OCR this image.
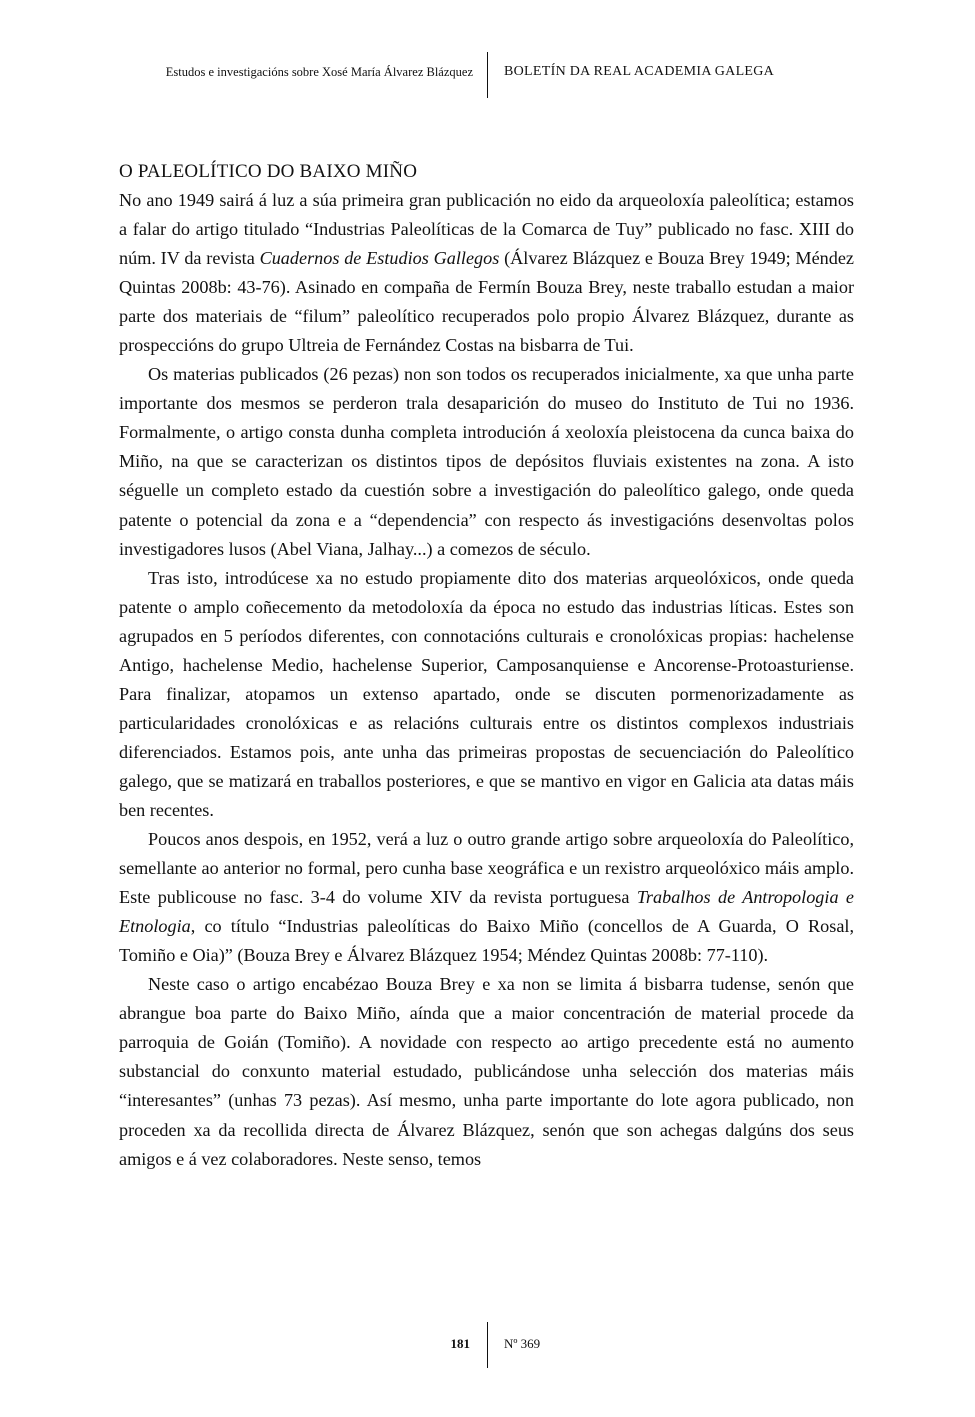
Estudos e investigacións sobre Xosé María Álvarez Blázquez BOLETÍN DA REAL ACADEMIA GALEGA
O PALEOLÍTICO DO BAIXO MIÑO

No ano 1949 sairá á luz a súa primeira gran publicación no eido da arqueoloxía paleolítica; estamos a falar do artigo titulado “Industrias Paleolíticas de la Comarca de Tuy” publicado no fasc. XIII do núm. IV da revista Cuadernos de Estudios Gallegos (Álvarez Blázquez e Bouza Brey 1949; Méndez Quintas 2008b: 43-76). Asinado en compaña de Fermín Bouza Brey, neste traballo estudan a maior parte dos materiais de “filum” paleolítico recuperados polo propio Álvarez Blázquez, durante as prospeccións do grupo Ultreia de Fernández Costas na bisbarra de Tui.

Os materias publicados (26 pezas) non son todos os recuperados inicialmente, xa que unha parte importante dos mesmos se perderon trala desaparición do museo do Instituto de Tui no 1936. Formalmente, o artigo consta dunha completa introdución á xeoloxía pleistocena da cunca baixa do Miño, na que se caracterizan os distintos tipos de depósitos fluviais existentes na zona. A isto séguelle un completo estado da cuestión sobre a investigación do paleolítico galego, onde queda patente o potencial da zona e a “dependencia” con respecto ás investigacións desenvoltas polos investigadores lusos (Abel Viana, Jalhay...) a comezos de século.

Tras isto, introdúcese xa no estudo propiamente dito dos materias arqueolóxicos, onde queda patente o amplo coñecemento da metodoloxía da época no estudo das industrias líticas. Estes son agrupados en 5 períodos diferentes, con connotacións culturais e cronolóxicas propias: hachelense Antigo, hachelense Medio, hachelense Superior, Camposanquiense e Ancorense-Protoasturiense. Para finalizar, atopamos un extenso apartado, onde se discuten pormenorizadamente as particularidades cronolóxicas e as relacións culturais entre os distintos complexos industriais diferenciados. Estamos pois, ante unha das primeiras propostas de secuenciación do Paleolítico galego, que se matizará en traballos posteriores, e que se mantivo en vigor en Galicia ata datas máis ben recentes.

Poucos anos despois, en 1952, verá a luz o outro grande artigo sobre arqueoloxía do Paleolítico, semellante ao anterior no formal, pero cunha base xeográfica e un rexistro arqueolóxico máis amplo. Este publicouse no fasc. 3-4 do volume XIV da revista portuguesa Trabalhos de Antropologia e Etnologia, co título “Industrias paleolíticas do Baixo Miño (concellos de A Guarda, O Rosal, Tomiño e Oia)” (Bouza Brey e Álvarez Blázquez 1954; Méndez Quintas 2008b: 77-110).

Neste caso o artigo encabézao Bouza Brey e xa non se limita á bisbarra tudense, senón que abrangue boa parte do Baixo Miño, aínda que a maior concentración de material procede da parroquia de Goián (Tomiño). A novidade con respecto ao artigo precedente está no aumento substancial do conxunto material estudado, publicándose unha selección dos materias máis “interesantes” (unhas 73 pezas). Así mesmo, unha parte importante do lote agora publicado, non proceden xa da recollida directa de Álvarez Blázquez, senón que son achegas dalgúns dos seus amigos e á vez colaboradores. Neste senso, temos

181	Nº 369
